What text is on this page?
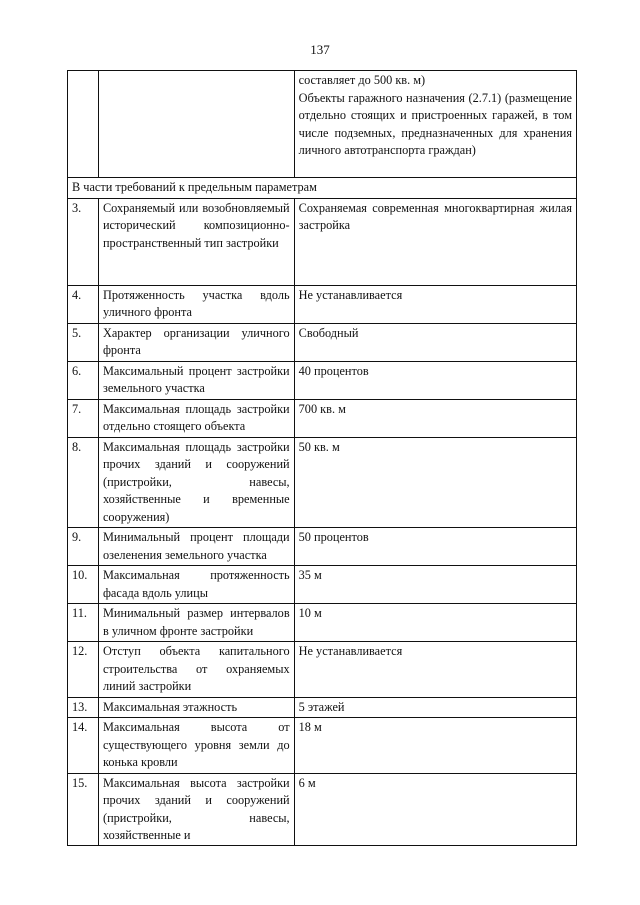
137

		составляет до 500 кв. м)
Объекты гаражного назначения (2.7.1) (размещение отдельно стоящих и пристроенных гаражей, в том числе подземных, предназначенных для хранения личного автотранспорта граждан)

В части требований к предельным параметрам		
3.	Сохраняемый или возобновляемый исторический композиционно-пространственный тип застройки	Сохраняемая современная многоквартирная жилая застройка
4.	Протяженность участка вдоль уличного фронта	Не устанавливается
5.	Характер организации уличного фронта	Свободный
6.	Максимальный процент застройки земельного участка	40 процентов
7.	Максимальная площадь застройки отдельно стоящего объекта	700 кв. м
8.	Максимальная площадь застройки прочих зданий и сооружений (пристройки, навесы, хозяйственные и временные сооружения)	50 кв. м
9.	Минимальный процент площади озеленения земельного участка	50 процентов
10.	Максимальная протяженность фасада вдоль улицы	35 м
11.	Минимальный размер интервалов в уличном фронте застройки	10 м
12.	Отступ объекта капитального строительства от охраняемых линий застройки	Не устанавливается
13.	Максимальная этажность	5 этажей
14.	Максимальная высота от существующего уровня земли до конька кровли	18 м
15.	Максимальная высота застройки прочих зданий и сооружений (пристройки, навесы, хозяйственные и	6 м
